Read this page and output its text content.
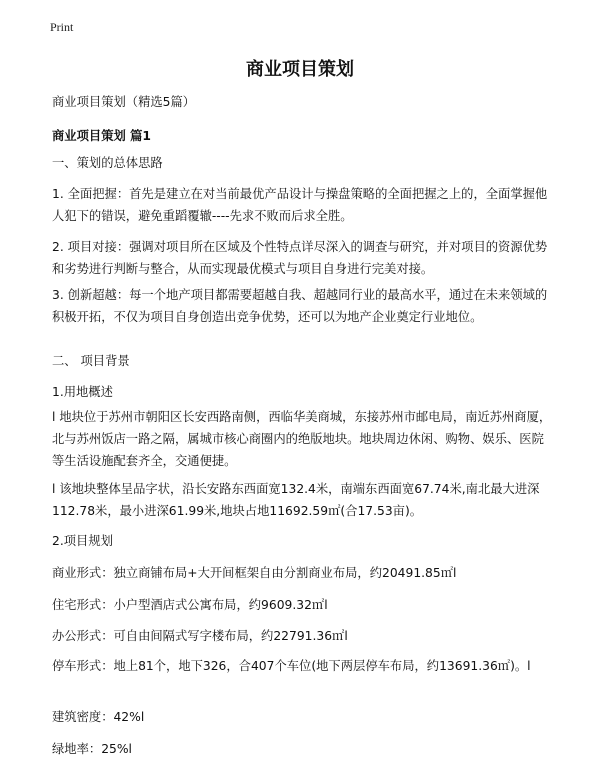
Print
商业项目策划
商业项目策划（精选5篇）
商业项目策划 篇1
一、策划的总体思路
1. 全面把握：首先是建立在对当前最优产品设计与操盘策略的全面把握之上的，全面掌握他人犯下的错误，避免重蹈覆辙----先求不败而后求全胜。
2. 项目对接：强调对项目所在区域及个性特点详尽深入的调查与研究，并对项目的资源优势和劣势进行判断与整合，从而实现最优模式与项目自身进行完美对接。
3. 创新超越：每一个地产项目都需要超越自我、超越同行业的最高水平，通过在未来领域的积极开拓，不仅为项目自身创造出竞争优势，还可以为地产企业奠定行业地位。
二、 项目背景
1.用地概述
l 地块位于苏州市朝阳区长安西路南侧，西临华美商城，东接苏州市邮电局，南近苏州商厦，北与苏州饭店一路之隔，属城市核心商圈内的绝版地块。地块周边休闲、购物、娱乐、医院等生活设施配套齐全，交通便捷。
l 该地块整体呈品字状，沿长安路东西面宽132.4米，南端东西面宽67.74米,南北最大进深112.78米，最小进深61.99米,地块占地11692.59㎡(合17.53亩)。
2.项目规划
商业形式：独立商铺布局+大开间框架自由分割商业布局，约20491.85㎡l
住宅形式：小户型酒店式公寓布局，约9609.32㎡l
办公形式：可自由间隔式写字楼布局，约22791.36㎡l
停车形式：地上81个，地下326，合407个车位(地下两层停车布局，约13691.36㎡)。l
建筑密度：42%l
绿地率：25%l
